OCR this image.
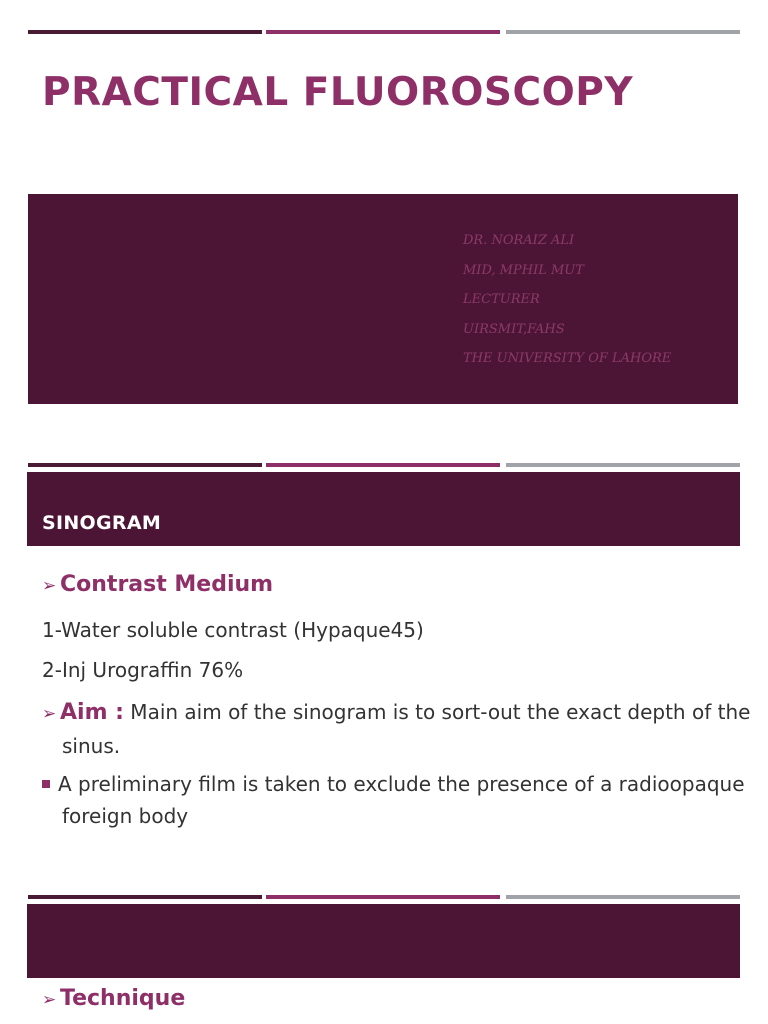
PRACTICAL FLUOROSCOPY
DR. NORAIZ ALI
MID, MPHIL MUT
LECTURER
UIRSMIT,FAHS
THE UNIVERSITY OF LAHORE
SINOGRAM
➢ Contrast Medium
1-Water soluble contrast (Hypaque45)
2-Inj Urograffin 76%
➢ Aim : Main aim of the sinogram is to sort-out the exact depth of the sinus.
A preliminary film is taken to exclude the presence of a radioopaque foreign body
➢ Technique
